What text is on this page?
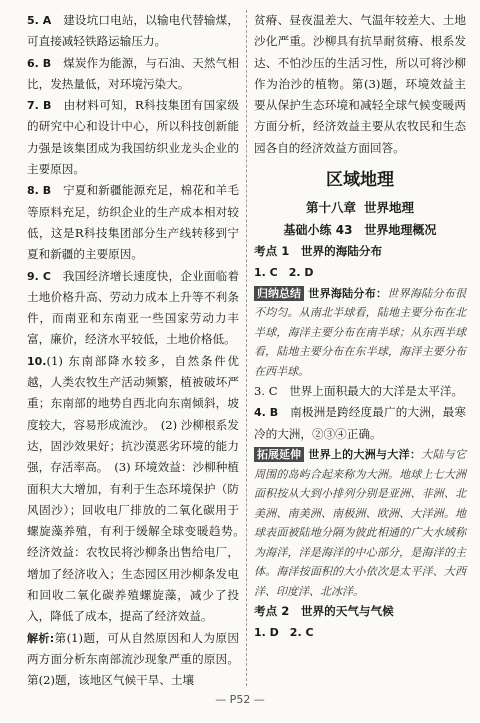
5. A　 建设坑口电站，以输电代替输煤，可直接减轻铁路运输压力。

6. B　 煤炭作为能源，与石油、天然气相比，发热量低，对环境污染大。

7. B　 由材料可知，R科技集团有国家级的研究中心和设计中心，所以科技创新能力强是该集团成为我国纺织业龙头企业的主要原因。

8. B　 宁夏和新疆能源充足，棉花和羊毛等原料充足，纺织企业的生产成本相对较低，这是R科技集团部分生产线转移到宁夏和新疆的主要原因。

9. C　 我国经济增长速度快，企业面临着土地价格升高、劳动力成本上升等不利条件，而南亚和东南亚一些国家劳动力丰富，廉价，经济水平较低，土地价格低。

10.(1) 东南部降水较多，自然条件优越，人类农牧生产活动频繁，植被破坏严重；东南部的地势自西北向东南倾斜，坡度较大，容易形成流沙。　(2) 沙柳根系发达，固沙效果好；抗沙漠恶劣环境的能力强，存活率高。　(3) 环境效益：沙柳种植面积大大增加，有利于生态环境保护（防风固沙）；回收电厂排放的二氧化碳用于螺旋藻养殖，有利于缓解全球变暖趋势。　经济效益：农牧民将沙柳条出售给电厂，增加了经济收入；生态园区用沙柳条发电和回收二氧化碳养殖螺旋藻，减少了投入，降低了成本，提高了经济效益。

解析:第(1)题，可从自然原因和人为原因两方面分析东南部流沙现象严重的原因。第(2)题，该地区气候干旱、土壤

贫瘠、昼夜温差大、气温年较差大、土地沙化严重。沙柳具有抗旱耐贫瘠、根系发达、不怕沙压的生活习性，所以可将沙柳作为治沙的植物。第(3)题，环境效益主要从保护生态环境和减轻全球气候变暖两方面分析，经济效益主要从农牧民和生态园各自的经济效益方面回答。

区域地理
第十八章 世界地理
基础小练 43　世界地理概况

考点 1　 世界的海陆分布

1. C　2. D

归纳总结 世界海陆分布：世界海陆分布很不均匀。从南北半球看，陆地主要分布在北半球，海洋主要分布在南半球；从东西半球看，陆地主要分布在东半球，海洋主要分布在西半球。

3. C　世界上面积最大的大洋是太平洋。

4. B　 南极洲是跨经度最广的大洲，最寒冷的大洲，②③④正确。

拓展延伸 世界上的大洲与大洋：大陆与它周围的岛屿合起来称为大洲。地球上七大洲面积按从大到小排列分别是亚洲、非洲、北美洲、南美洲、南极洲、欧洲、大洋洲。地球表面被陆地分隔为彼此相通的广大水域称为海洋，洋是海洋的中心部分，是海洋的主体。海洋按面积的大小依次是太平洋、大西洋、印度洋、北冰洋。

考点 2　 世界的天气与气候

1. D　2. C

— P52 —
